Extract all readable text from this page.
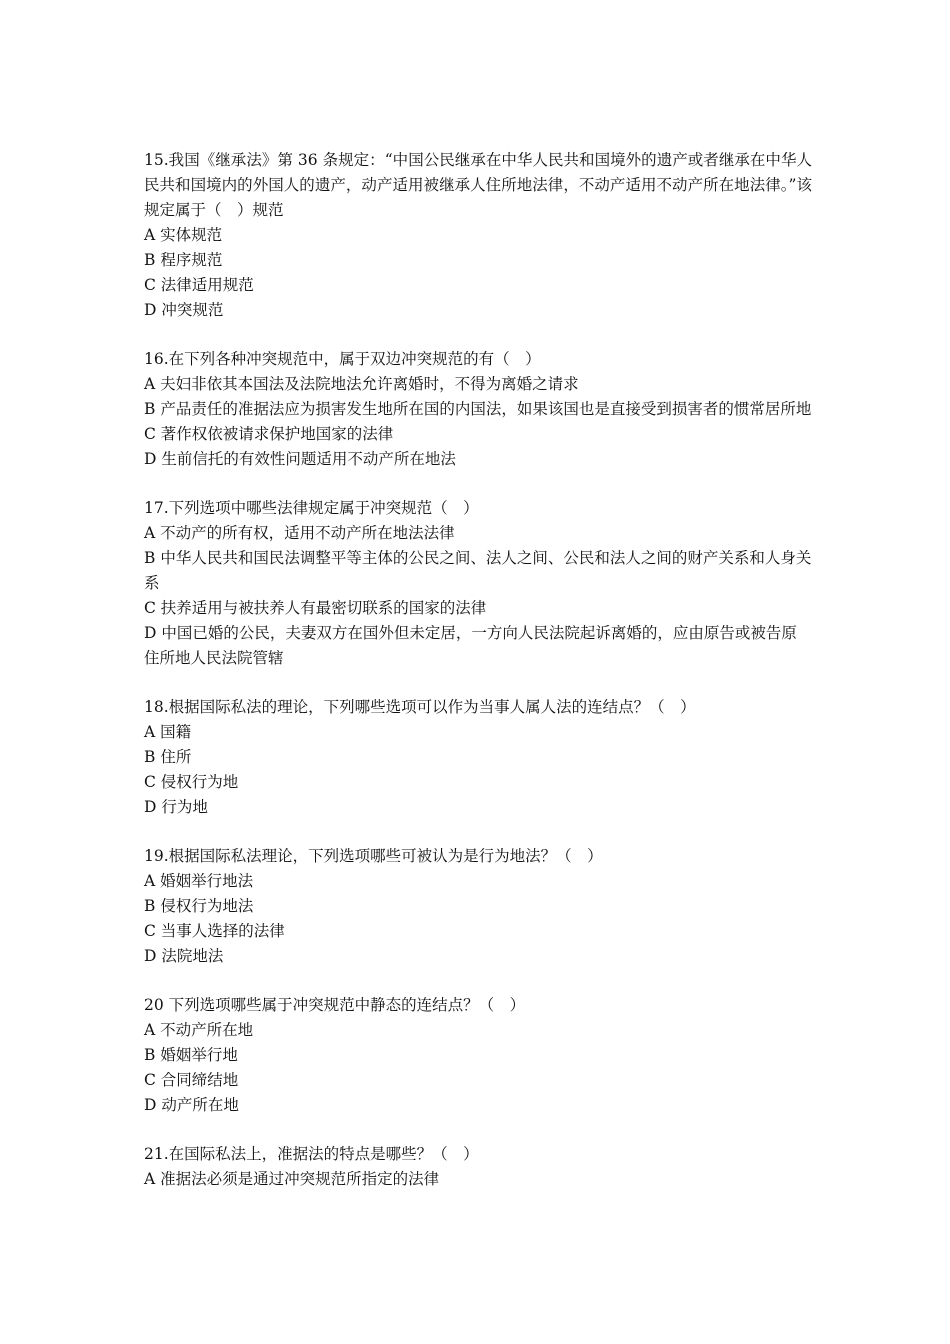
15.我国《继承法》第 36 条规定：“中国公民继承在中华人民共和国境外的遗产或者继承在中华人民共和国境内的外国人的遗产，动产适用被继承人住所地法律，不动产适用不动产所在地法律。”该规定属于（　）规范

A 实体规范

B 程序规范

C 法律适用规范

D 冲突规范

16.在下列各种冲突规范中，属于双边冲突规范的有（　）

A 夫妇非依其本国法及法院地法允许离婚时，不得为离婚之请求

B 产品责任的准据法应为损害发生地所在国的内国法，如果该国也是直接受到损害者的惯常居所地

C 著作权依被请求保护地国家的法律

D 生前信托的有效性问题适用不动产所在地法

17.下列选项中哪些法律规定属于冲突规范（　）

A 不动产的所有权，适用不动产所在地法法律

B 中华人民共和国民法调整平等主体的公民之间、法人之间、公民和法人之间的财产关系和人身关系

C 扶养适用与被扶养人有最密切联系的国家的法律

D 中国已婚的公民，夫妻双方在国外但未定居，一方向人民法院起诉离婚的，应由原告或被告原住所地人民法院管辖

18.根据国际私法的理论，下列哪些选项可以作为当事人属人法的连结点？（　）

A 国籍

B 住所

C 侵权行为地

D 行为地

19.根据国际私法理论，下列选项哪些可被认为是行为地法？（　）

A 婚姻举行地法

B 侵权行为地法

C 当事人选择的法律

D 法院地法

20 下列选项哪些属于冲突规范中静态的连结点？（　）

A 不动产所在地

B 婚姻举行地

C 合同缔结地

D 动产所在地

21.在国际私法上，准据法的特点是哪些？（　）

A 准据法必须是通过冲突规范所指定的法律
